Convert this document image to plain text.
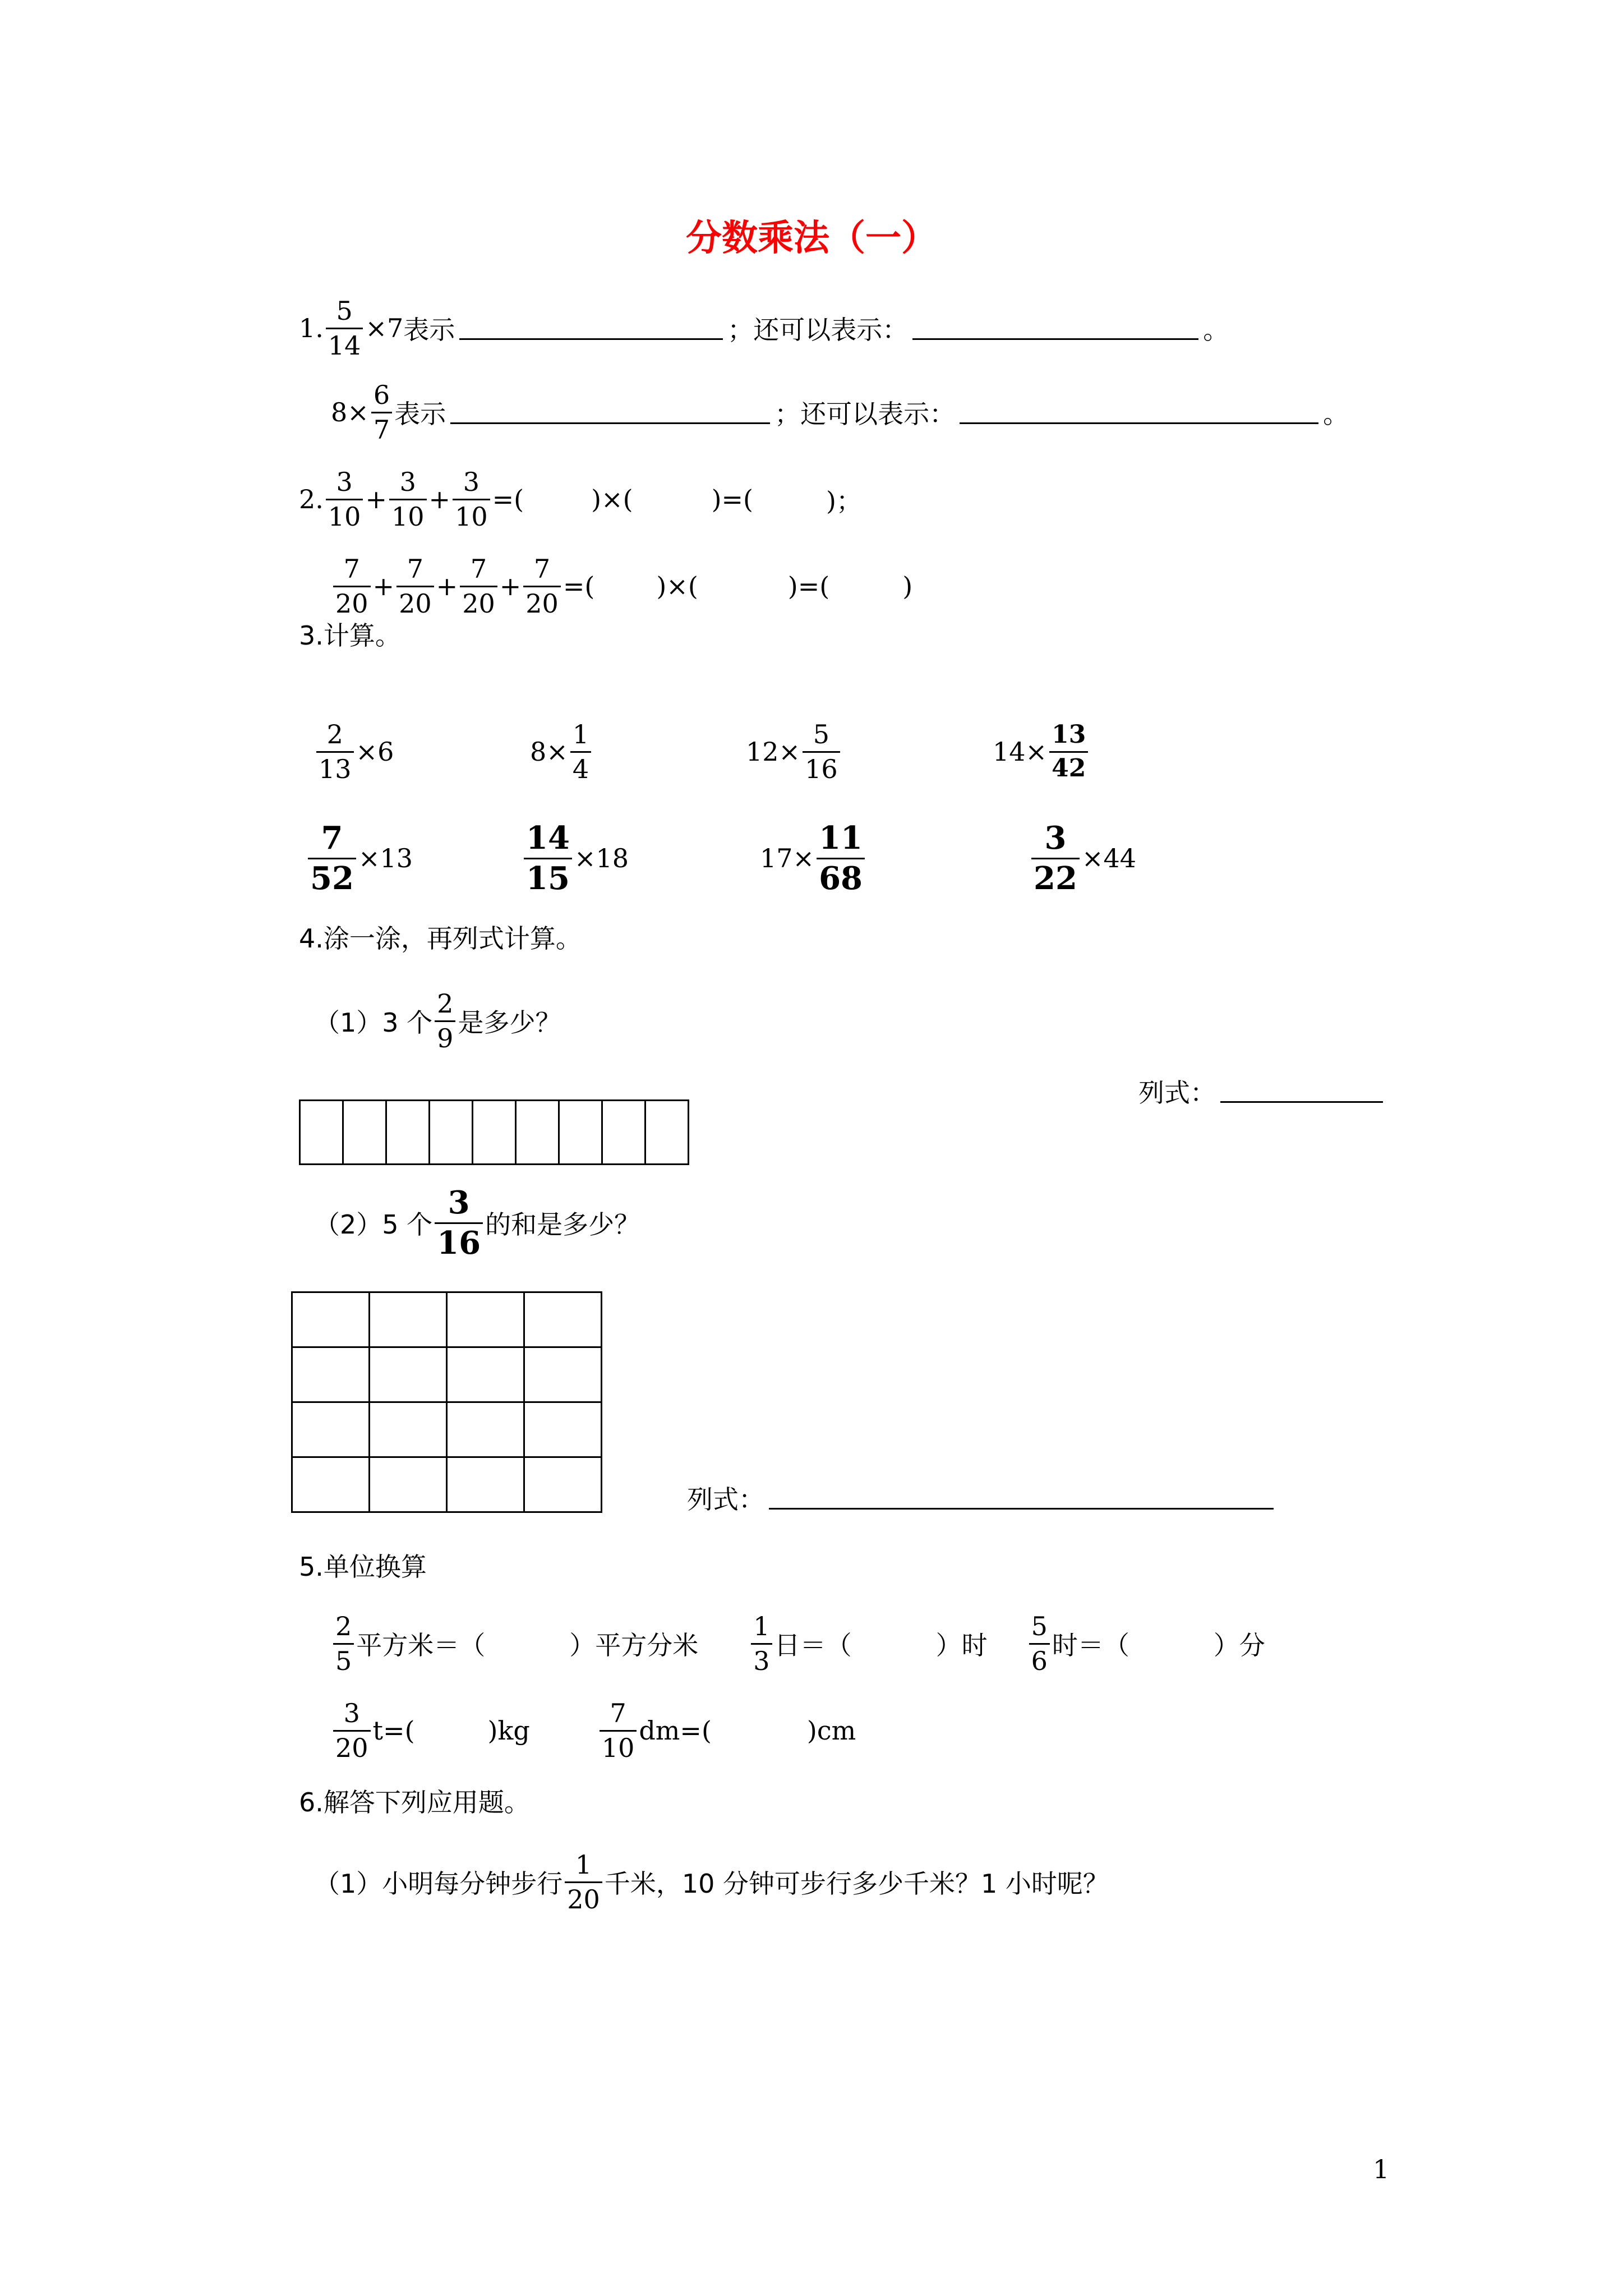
分数乘法（一）
1. $\frac{5}{14} \times 7$ 表示	；还可以表示：	。
$8\times \frac{6}{7}$ 表示	；还可以表示：	。
2. $\frac{3}{10} + \frac{3}{10} + \frac{3}{10}$ =(	)×(	)=(	)；
$\frac{7}{20} + \frac{7}{20} + \frac{7}{20} + \frac{7}{20}$ =( )×(	)=(	)
3.计算。
$\frac{2}{13} \times 6$	$8\times \frac{1}{4}$	$12\times \frac{5}{16}$	$14\times \frac{13}{42}$
$\frac{7}{52} \times 13$	$\frac{14}{15} \times 18$	$17\times \frac{11}{68}$	$\frac{3}{22} \times 44$
4.涂一涂，再列式计算。
（1）3 个 $\frac{2}{9}$ 是多少？
列式：
（2）5 个 $\frac{3}{16}$ 的和是多少？
列式：
5.单位换算
$\frac{2}{5}$ 平方米＝（	）平方分米 $\frac{1}{3}$ 日＝（	）时 $\frac{5}{6}$ 时＝（	）分
$\frac{3}{20} t=$(	)kg	$\frac{7}{10} dm=$(	)cm
6.解答下列应用题。
（1）小明每分钟步行 $\frac{1}{20}$ 千米，10 分钟可步行多少千米？1 小时呢？
1
